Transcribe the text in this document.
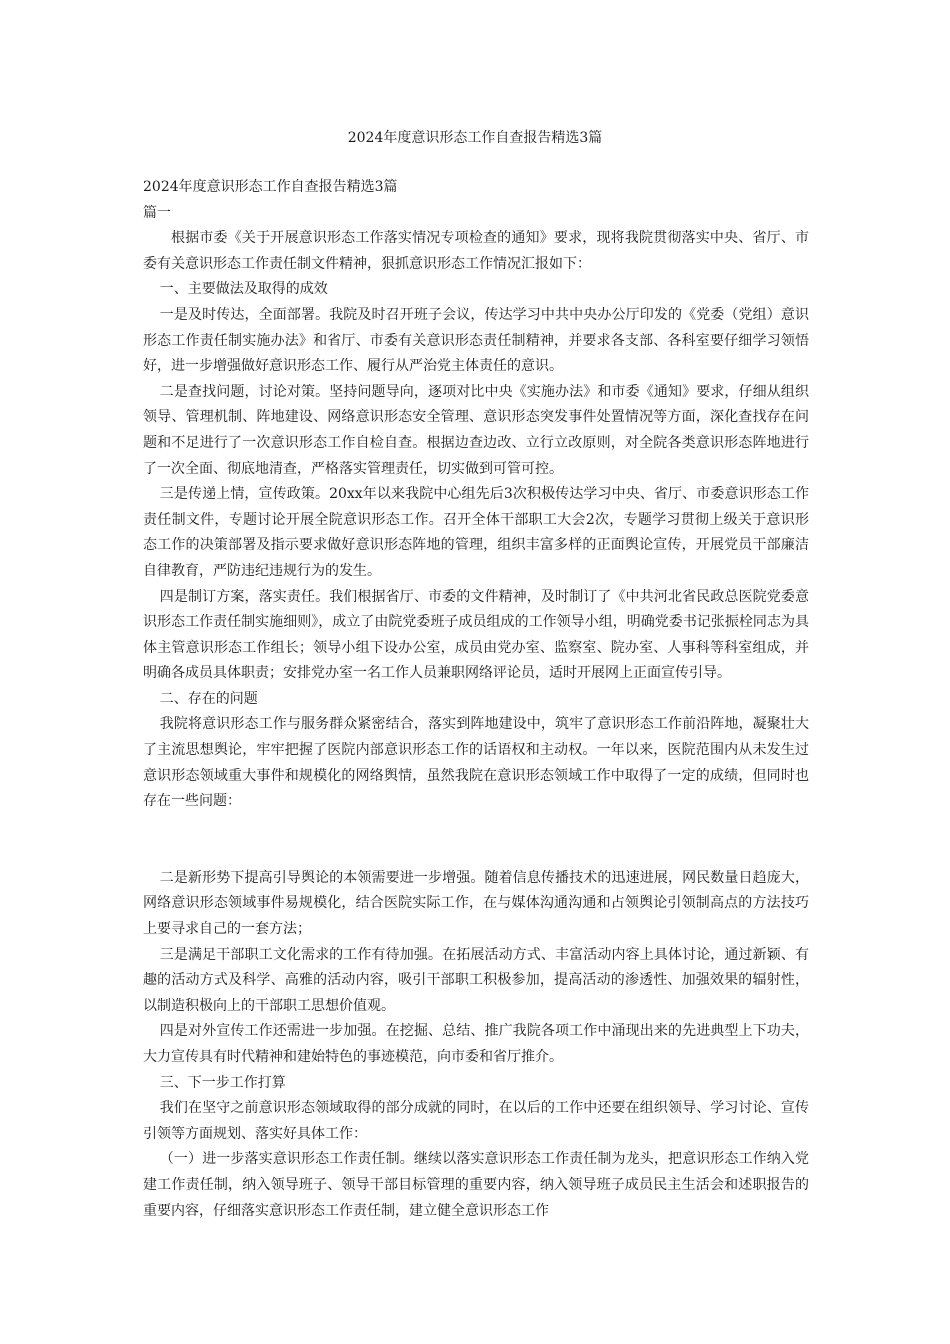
2024年度意识形态工作自查报告精选3篇

2024年度意识形态工作自查报告精选3篇

篇一

根据市委《关于开展意识形态工作落实情况专项检查的通知》要求，现将我院贯彻落实中央、省厅、市委有关意识形态工作责任制文件精神，狠抓意识形态工作情况汇报如下：

一、主要做法及取得的成效

一是及时传达，全面部署。我院及时召开班子会议，传达学习中共中央办公厅印发的《党委（党组）意识形态工作责任制实施办法》和省厅、市委有关意识形态责任制精神，并要求各支部、各科室要仔细学习领悟好，进一步增强做好意识形态工作、履行从严治党主体责任的意识。

二是查找问题，讨论对策。坚持问题导向，逐项对比中央《实施办法》和市委《通知》要求，仔细从组织领导、管理机制、阵地建设、网络意识形态安全管理、意识形态突发事件处置情况等方面，深化查找存在问题和不足进行了一次意识形态工作自检自查。根据边查边改、立行立改原则，对全院各类意识形态阵地进行了一次全面、彻底地清查，严格落实管理责任，切实做到可管可控。

三是传递上情，宣传政策。20xx年以来我院中心组先后3次积极传达学习中央、省厅、市委意识形态工作责任制文件，专题讨论开展全院意识形态工作。召开全体干部职工大会2次，专题学习贯彻上级关于意识形态工作的决策部署及指示要求做好意识形态阵地的管理，组织丰富多样的正面舆论宣传，开展党员干部廉洁自律教育，严防违纪违规行为的发生。

四是制订方案，落实责任。我们根据省厅、市委的文件精神，及时制订了《中共河北省民政总医院党委意识形态工作责任制实施细则》，成立了由院党委班子成员组成的工作领导小组，明确党委书记张振栓同志为具体主管意识形态工作组长；领导小组下设办公室，成员由党办室、监察室、院办室、人事科等科室组成，并明确各成员具体职责；安排党办室一名工作人员兼职网络评论员，适时开展网上正面宣传引导。

二、存在的问题

我院将意识形态工作与服务群众紧密结合，落实到阵地建设中，筑牢了意识形态工作前沿阵地，凝聚壮大了主流思想舆论，牢牢把握了医院内部意识形态工作的话语权和主动权。一年以来，医院范围内从未发生过意识形态领域重大事件和规模化的网络舆情，虽然我院在意识形态领域工作中取得了一定的成绩，但同时也存在一些问题：

二是新形势下提高引导舆论的本领需要进一步增强。随着信息传播技术的迅速进展，网民数量日趋庞大，网络意识形态领域事件易规模化，结合医院实际工作，在与媒体沟通沟通和占领舆论引领制高点的方法技巧上要寻求自己的一套方法；

三是满足干部职工文化需求的工作有待加强。在拓展活动方式、丰富活动内容上具体讨论，通过新颖、有趣的活动方式及科学、高雅的活动内容，吸引干部职工积极参加，提高活动的渗透性、加强效果的辐射性，以制造积极向上的干部职工思想价值观。

四是对外宣传工作还需进一步加强。在挖掘、总结、推广我院各项工作中涌现出来的先进典型上下功夫，大力宣传具有时代精神和建始特色的事迹模范，向市委和省厅推介。

三、下一步工作打算

我们在坚守之前意识形态领域取得的部分成就的同时，在以后的工作中还要在组织领导、学习讨论、宣传引领等方面规划、落实好具体工作：

（一）进一步落实意识形态工作责任制。继续以落实意识形态工作责任制为龙头，把意识形态工作纳入党建工作责任制，纳入领导班子、领导干部目标管理的重要内容，纳入领导班子成员民主生活会和述职报告的重要内容，仔细落实意识形态工作责任制，建立健全意识形态工作
